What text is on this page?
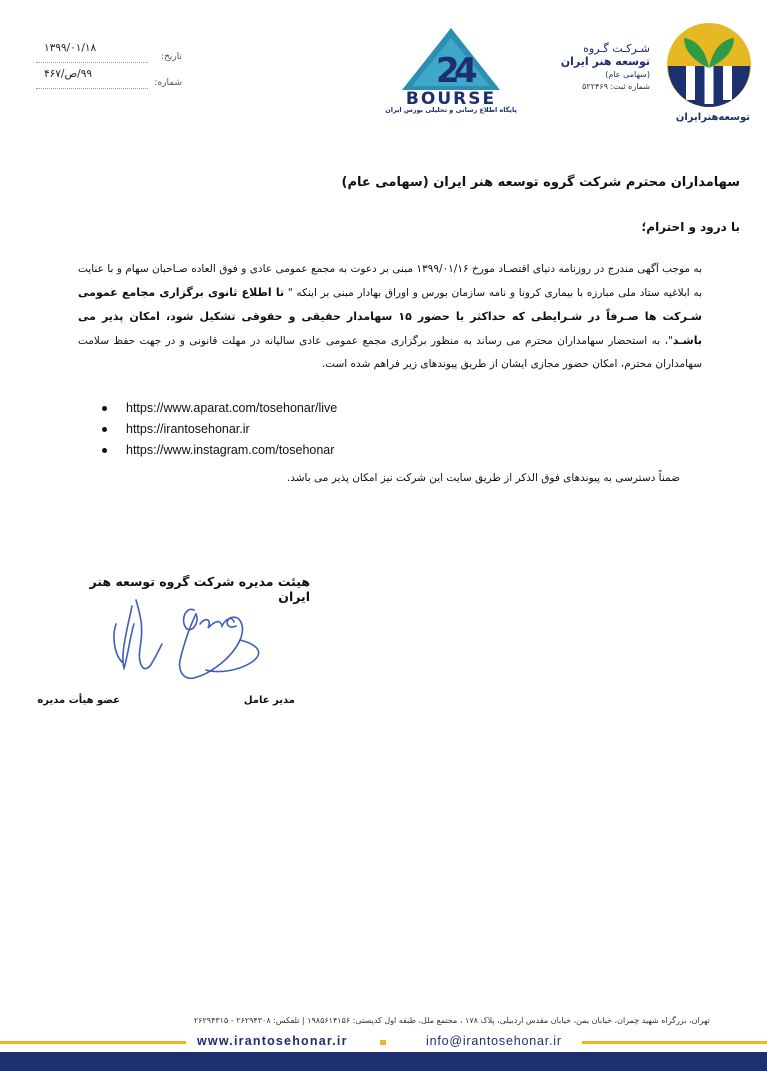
توسعه‌هنر‌ایران
شـركـت گـروه
توسعه هنر ایران
(سهامی عام)
شماره ثبت: ۵۲۲۴۶۹
2
4
BOURSE
پایگاه اطلاع رسانی و تحلیلی بورس ایران
تاریخ:
۱۳۹۹/۰۱/۱۸
شماره:
۹۹/ص/۴۶۷
سهامداران محترم شرکت گروه توسعه هنر ایران (سهامی عام)
با درود و احترام؛
به موجب آگهی مندرج در روزنامه دنیای اقتصـاد مورخ ۱۳۹۹/۰۱/۱۶ مبنی بر دعوت به مجمع عمومی عادی و فوق العاده صـاحبان سهام و با عنایت به ابلاغیه ستاد ملی مبارزه با بیماری کرونا و نامه سازمان بورس و اوراق بهادار مبنی بر اینکه " تا اطلاع ثانوی برگزاری مجامع عمومی شـرکت ها صـرفاً در شـرایطی که حداکثر با حضور ۱۵ سهامدار حقیقی و حقوقی تشکیل شود، امکان پذیر می باشـد"، به استحضار سهامداران محترم می رساند به منظور برگزاری مجمع عمومی عادی سالیانه در مهلت قانونی و در جهت حفظ سلامت سهامداران محترم، امکان حضور مجازی ایشان از طریق پیوندهای زیر فراهم شده است.
https://www.aparat.com/tosehonar/live
https://irantosehonar.ir
https://www.instagram.com/tosehonar
ضمناً دسترسی به پیوندهای فوق الذکر از طریق سایت این شرکت نیز امکان پذیر می باشد.
هیئت مدیره شرکت گروه توسعه هنر ایران
مدیر عامل
عضو هیأت مدیره
تهران، بزرگراه شهید چمران، خیابان یمن، خیابان مقدس اردبیلی، پلاک ۱۷۸ ، مجتمع ملل، طبقه اول کدپستی: ۱۹۸۵۶۱۴۱۵۶ | تلفکس: ۲۶۲۹۴۳۰۸ - ۲۶۲۹۴۳۱۵
www.irantosehonar.ir	info@irantosehonar.ir
